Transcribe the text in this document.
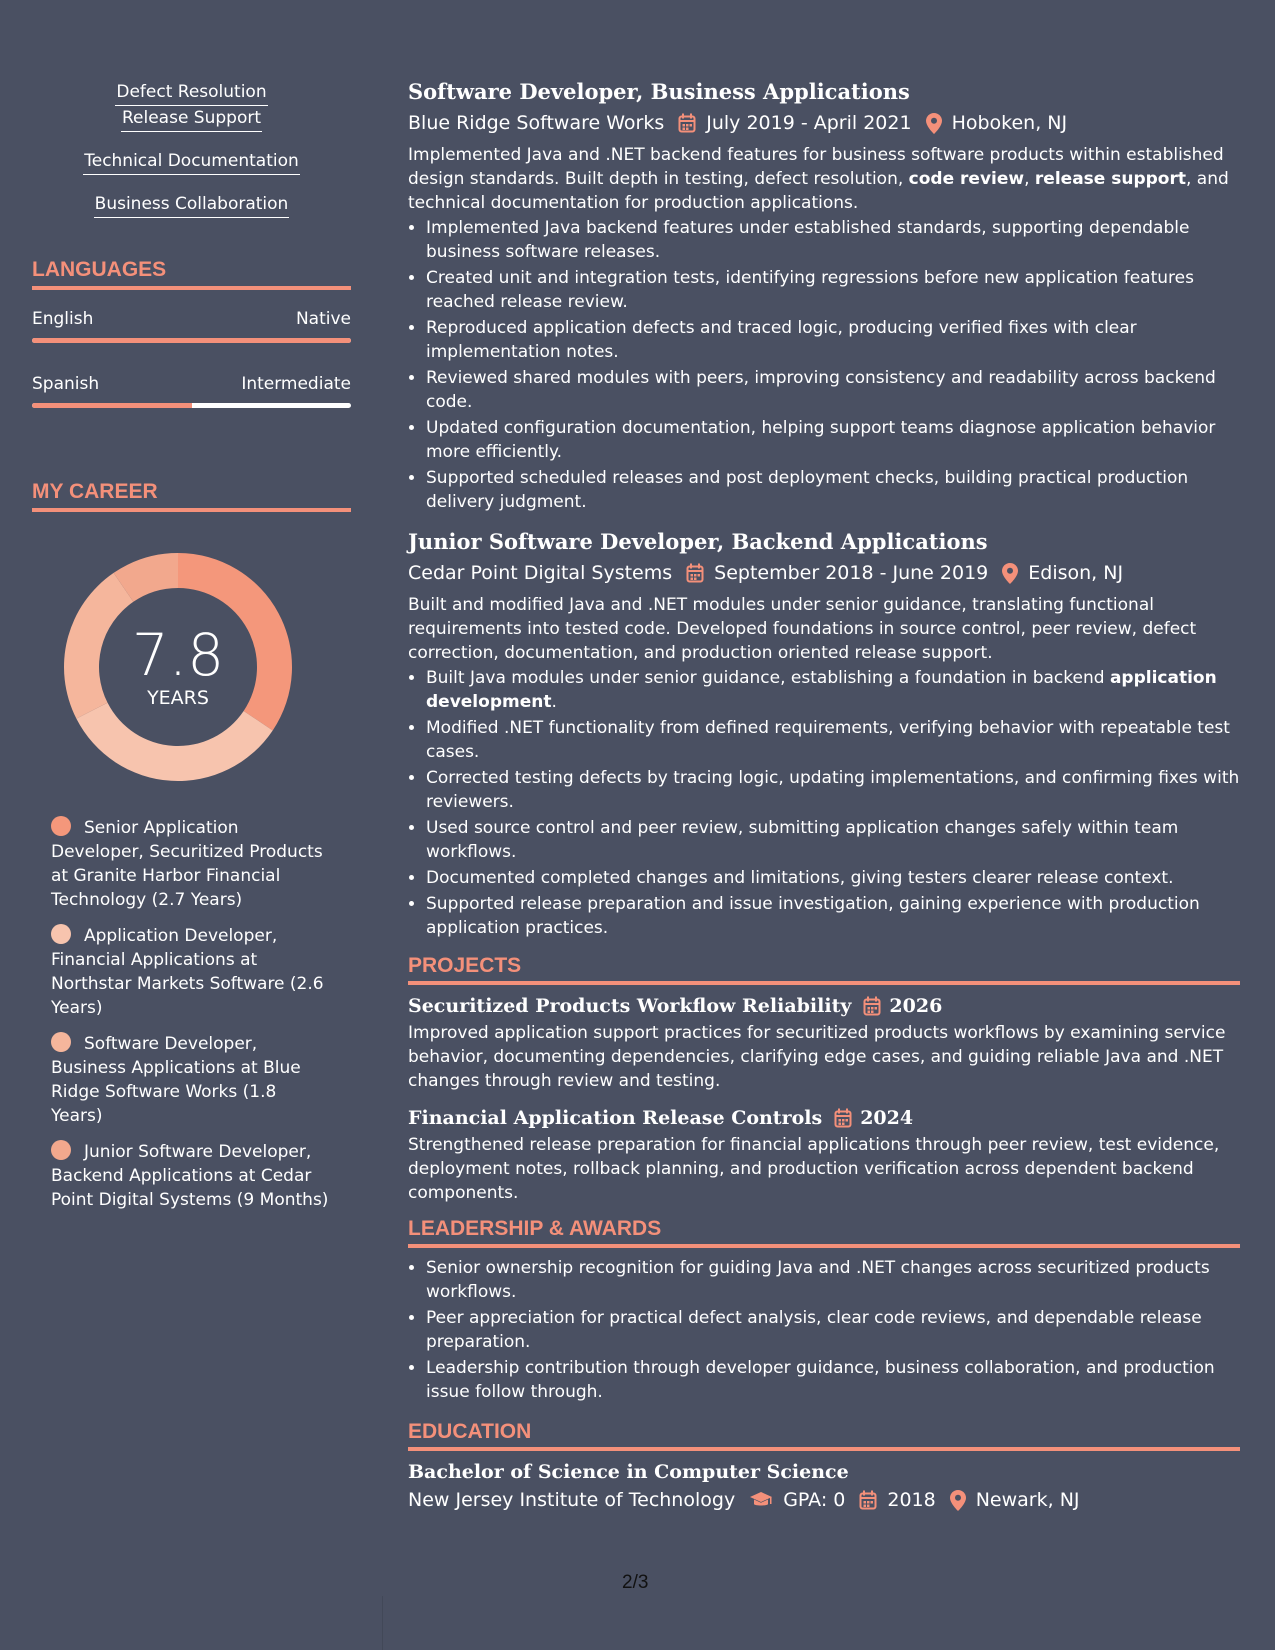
Defect Resolution Release Support
Technical Documentation
Business Collaboration
LANGUAGES
English	Native
Spanish	Intermediate
MY CAREER
7.8
YEARS
Senior Application Developer, Securitized Products at Granite Harbor Financial Technology (2.7 Years)
Application Developer, Financial Applications at Northstar Markets Software (2.6 Years)
Software Developer, Business Applications at Blue Ridge Software Works (1.8 Years)
Junior Software Developer, Backend Applications at Cedar Point Digital Systems (9 Months)
Software Developer, Business Applications
Blue Ridge Software Works July 2019 - April 2021 Hoboken, NJ
Implemented Java and .NET backend features for business software products within established design standards. Built depth in testing, defect resolution, code review, release support, and technical documentation for production applications.
• Implemented Java backend features under established standards, supporting dependable business software releases.
• Created unit and integration tests, identifying regressions before new application features reached release review.
• Reproduced application defects and traced logic, producing verified fixes with clear implementation notes.
• Reviewed shared modules with peers, improving consistency and readability across backend code.
• Updated configuration documentation, helping support teams diagnose application behavior more efficiently.
• Supported scheduled releases and post deployment checks, building practical production delivery judgment.
Junior Software Developer, Backend Applications
Cedar Point Digital Systems September 2018 - June 2019 Edison, NJ
Built and modified Java and .NET modules under senior guidance, translating functional requirements into tested code. Developed foundations in source control, peer review, defect correction, documentation, and production oriented release support.
• Built Java modules under senior guidance, establishing a foundation in backend application development.
• Modified .NET functionality from defined requirements, verifying behavior with repeatable test cases.
• Corrected testing defects by tracing logic, updating implementations, and confirming fixes with reviewers.
• Used source control and peer review, submitting application changes safely within team workflows.
• Documented completed changes and limitations, giving testers clearer release context.
• Supported release preparation and issue investigation, gaining experience with production application practices.
PROJECTS
Securitized Products Workflow Reliability 2026
Improved application support practices for securitized products workflows by examining service behavior, documenting dependencies, clarifying edge cases, and guiding reliable Java and .NET changes through review and testing.
Financial Application Release Controls 2024
Strengthened release preparation for financial applications through peer review, test evidence, deployment notes, rollback planning, and production verification across dependent backend components.
LEADERSHIP & AWARDS
• Senior ownership recognition for guiding Java and .NET changes across securitized products workflows.
• Peer appreciation for practical defect analysis, clear code reviews, and dependable release preparation.
• Leadership contribution through developer guidance, business collaboration, and production issue follow through.
EDUCATION
Bachelor of Science in Computer Science
New Jersey Institute of Technology	GPA: 0 2018 Newark, NJ
2/3
